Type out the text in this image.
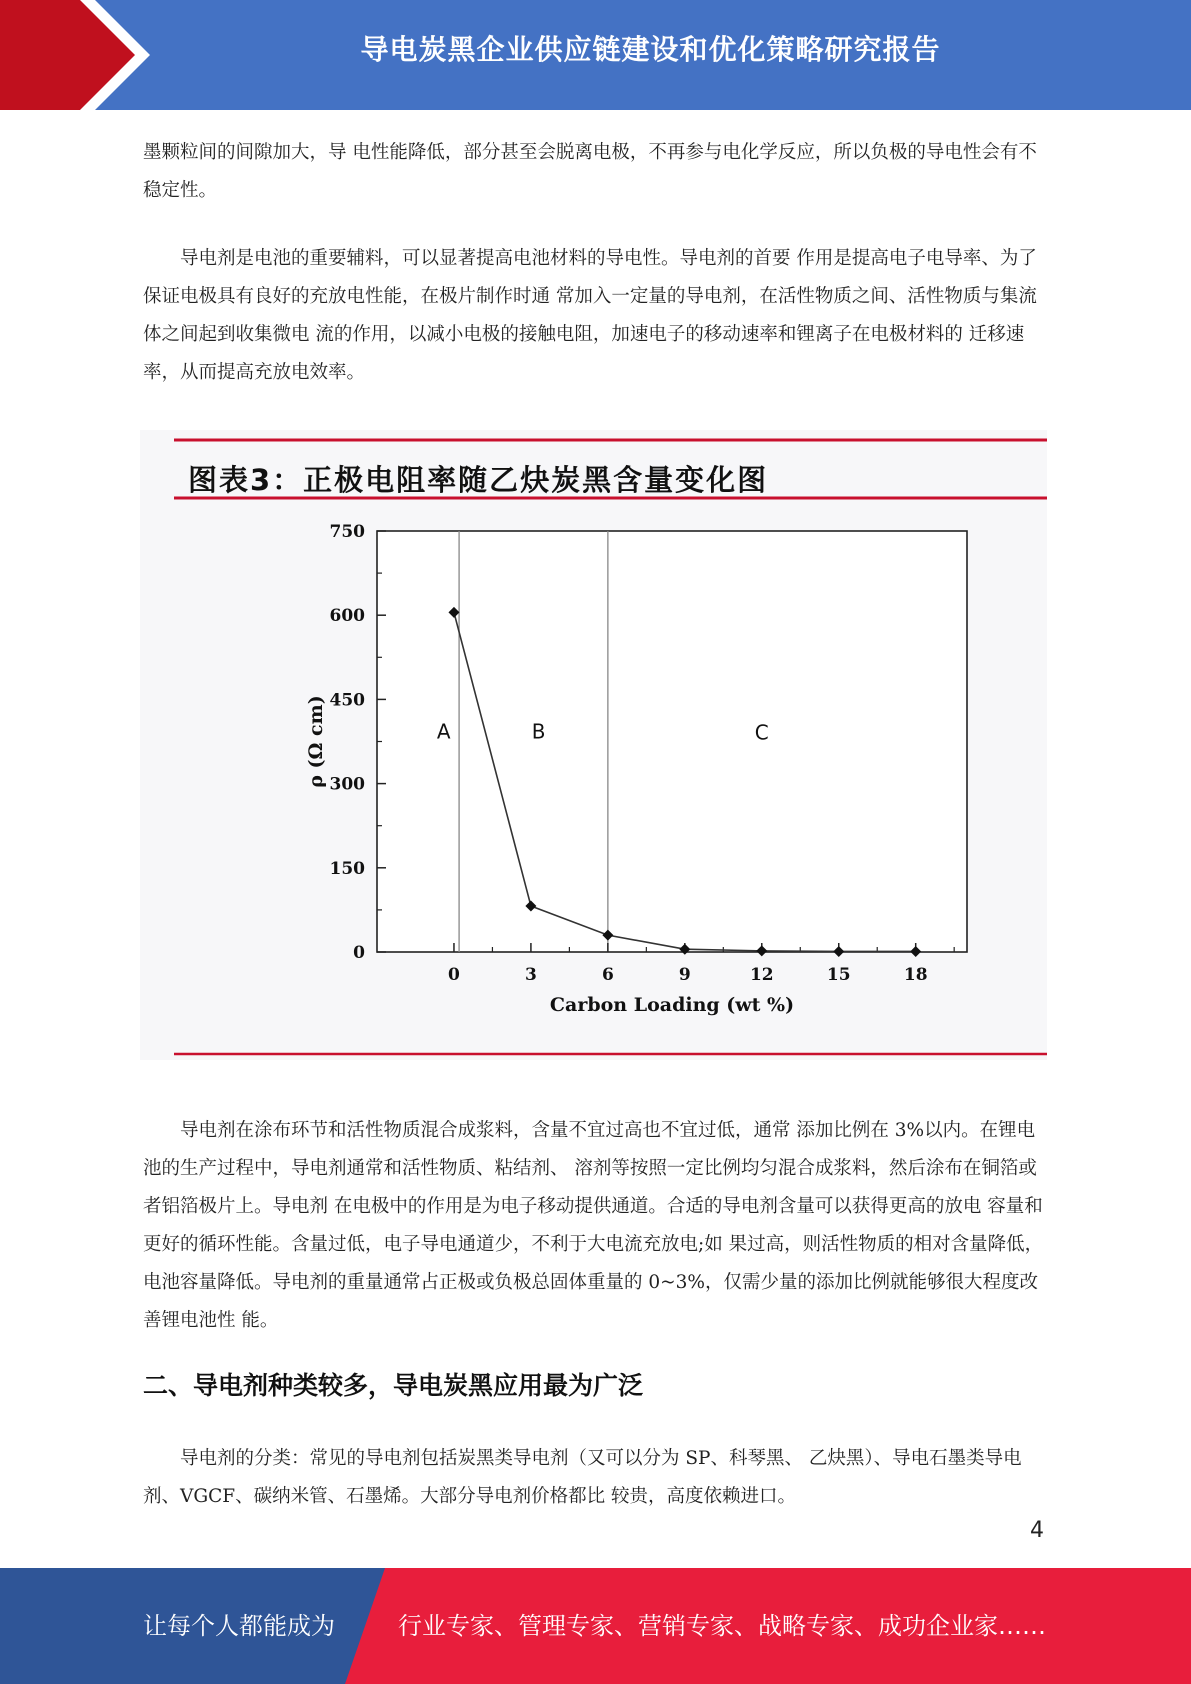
导电炭黑企业供应链建设和优化策略研究报告

墨颗粒间的间隙加大，导 电性能降低，部分甚至会脱离电极，不再参与电化学反应，所以负极的导电性会有不稳定性。

导电剂是电池的重要辅料，可以显著提高电池材料的导电性。导电剂的首要 作用是提高电子电导率、为了保证电极具有良好的充放电性能，在极片制作时通 常加入一定量的导电剂，在活性物质之间、活性物质与集流体之间起到收集微电 流的作用，以减小电极的接触电阻，加速电子的移动速率和锂离子在电极材料的 迁移速率，从而提高充放电效率。

0
150
300
450
600
750
0	3	6	9	12	15	18
A	B	C
Carbon Loading (wt %)
ρ (Ω cm)
图表3：正极电阻率随乙炔炭黑含量变化图

导电剂在涂布环节和活性物质混合成浆料，含量不宜过高也不宜过低，通常 添加比例在 3%以内。在锂电池的生产过程中，导电剂通常和活性物质、粘结剂、 溶剂等按照一定比例均匀混合成浆料，然后涂布在铜箔或者铝箔极片上。导电剂 在电极中的作用是为电子移动提供通道。合适的导电剂含量可以获得更高的放电 容量和更好的循环性能。含量过低，电子导电通道少，不利于大电流充放电;如 果过高，则活性物质的相对含量降低，电池容量降低。导电剂的重量通常占正极或负极总固体重量的 0~3%，仅需少量的添加比例就能够很大程度改善锂电池性 能。

二、导电剂种类较多，导电炭黑应用最为广泛

导电剂的分类：常见的导电剂包括炭黑类导电剂（又可以分为 SP、科琴黑、 乙炔黑）、导电石墨类导电剂、VGCF、碳纳米管、石墨烯。大部分导电剂价格都比 较贵，高度依赖进口。

4
让每个人都能成为	行业专家、管理专家、营销专家、战略专家、成功企业家……
